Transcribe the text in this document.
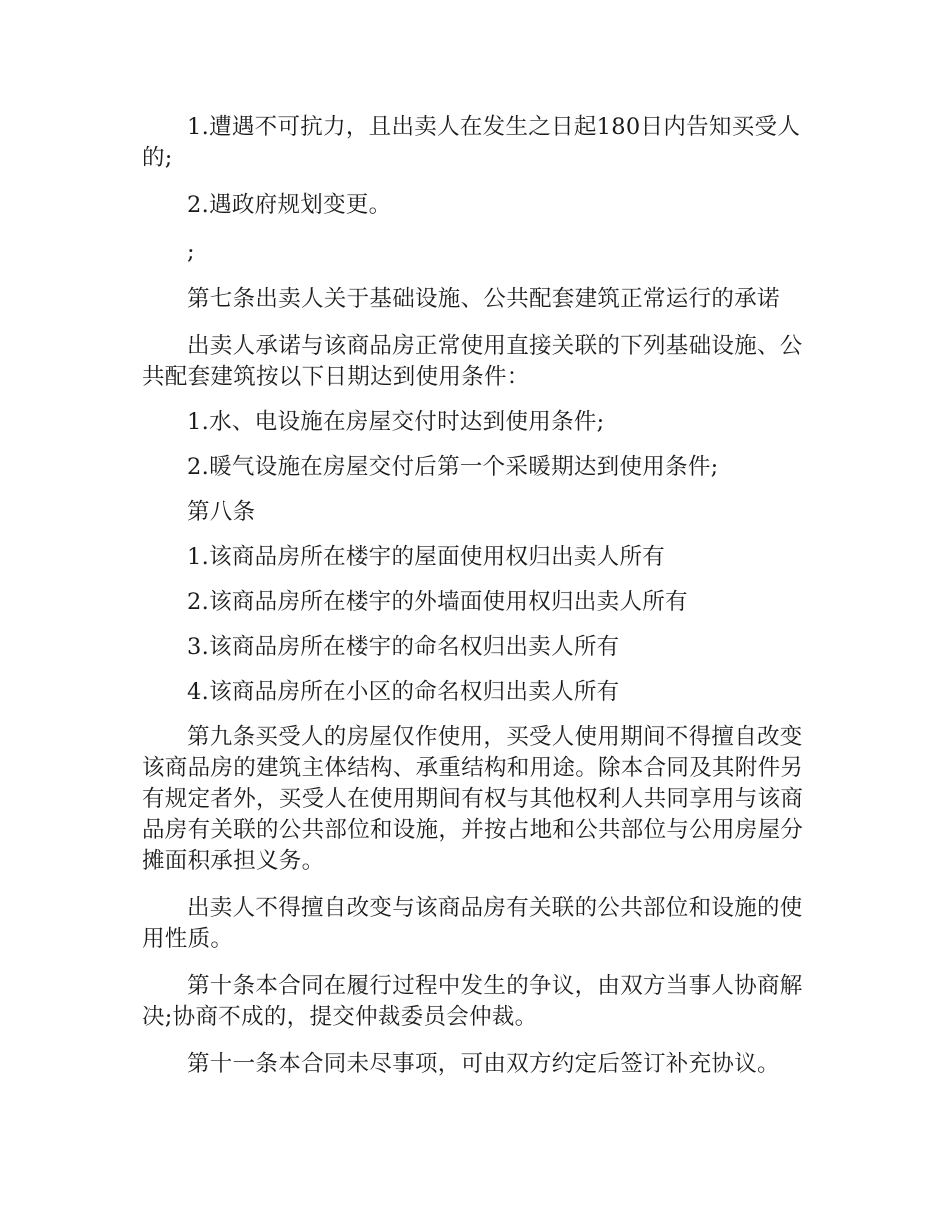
1.遭遇不可抗力，且出卖人在发生之日起180日内告知买受人的;

2.遇政府规划变更。

;

第七条出卖人关于基础设施、公共配套建筑正常运行的承诺

出卖人承诺与该商品房正常使用直接关联的下列基础设施、公共配套建筑按以下日期达到使用条件：

1.水、电设施在房屋交付时达到使用条件;

2.暖气设施在房屋交付后第一个采暖期达到使用条件;

第八条

1.该商品房所在楼宇的屋面使用权归出卖人所有

2.该商品房所在楼宇的外墙面使用权归出卖人所有

3.该商品房所在楼宇的命名权归出卖人所有

4.该商品房所在小区的命名权归出卖人所有

第九条买受人的房屋仅作使用，买受人使用期间不得擅自改变该商品房的建筑主体结构、承重结构和用途。除本合同及其附件另有规定者外，买受人在使用期间有权与其他权利人共同享用与该商品房有关联的公共部位和设施，并按占地和公共部位与公用房屋分摊面积承担义务。

出卖人不得擅自改变与该商品房有关联的公共部位和设施的使用性质。

第十条本合同在履行过程中发生的争议，由双方当事人协商解决;协商不成的，提交仲裁委员会仲裁。

第十一条本合同未尽事项，可由双方约定后签订补充协议。
